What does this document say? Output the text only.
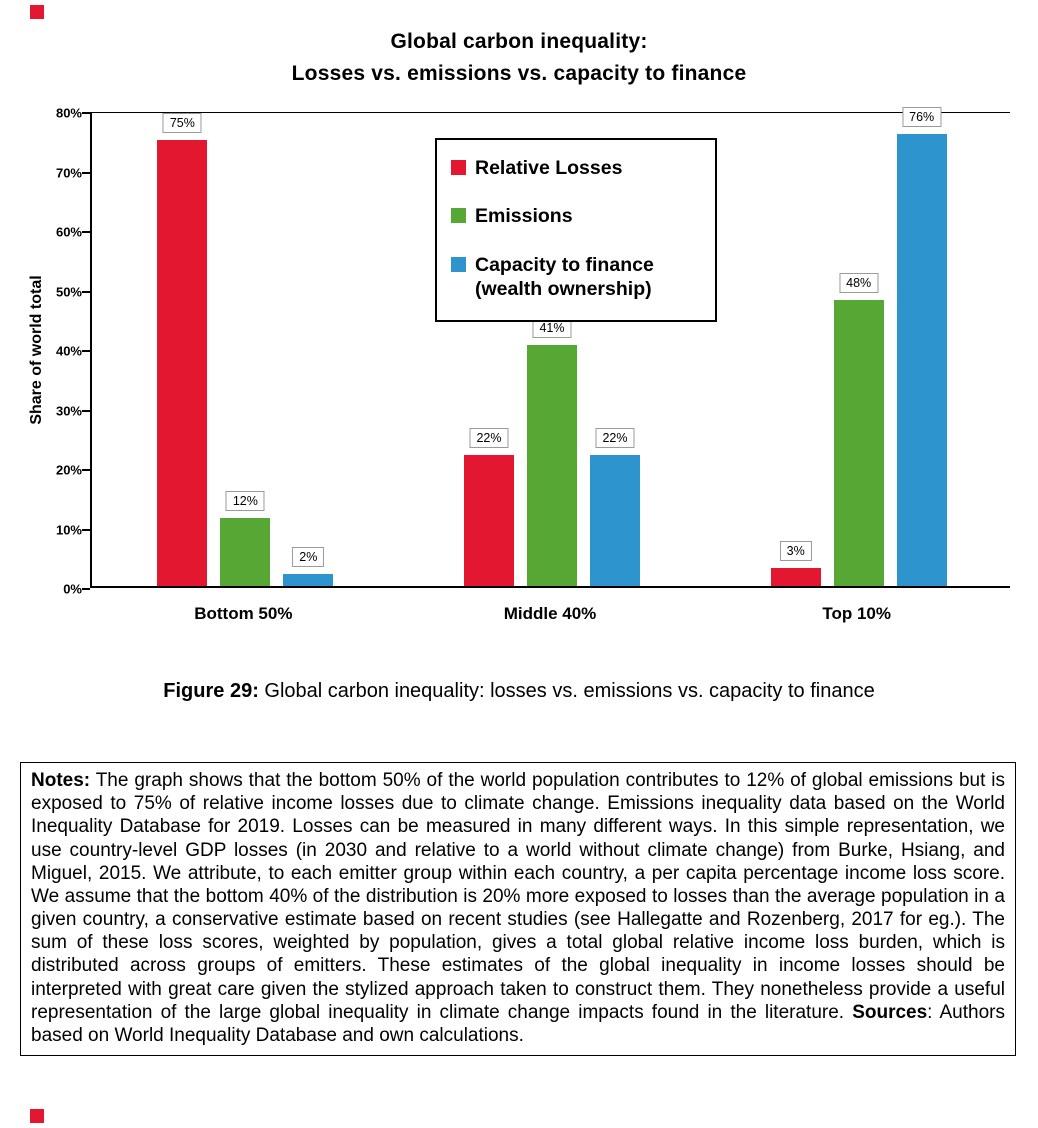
Global carbon inequality:
Losses vs. emissions vs. capacity to finance
Share of world total
75%
12%
2%
22%
41%
22%
3%
48%
76%
0%
10%
20%
30%
40%
50%
60%
70%
80%
Bottom 50%	Middle 40%	Top 10%
Relative Losses
Emissions
Capacity to finance
(wealth ownership)
Figure 29: Global carbon inequality: losses vs. emissions vs. capacity to finance
Notes: The graph shows that the bottom 50% of the world population contributes to 12% of global emissions but is exposed to 75% of relative income losses due to climate change. Emissions inequality data based on the World Inequality Database for 2019. Losses can be measured in many different ways. In this simple representation, we use country-level GDP losses (in 2030 and relative to a world without climate change) from Burke, Hsiang, and Miguel, 2015. We attribute, to each emitter group within each country, a per capita percentage income loss score. We assume that the bottom 40% of the distribution is 20% more exposed to losses than the average population in a given country, a conservative estimate based on recent studies (see Hallegatte and Rozenberg, 2017 for eg.). The sum of these loss scores, weighted by population, gives a total global relative income loss burden, which is distributed across groups of emitters. These estimates of the global inequality in income losses should be interpreted with great care given the stylized approach taken to construct them. They nonetheless provide a useful representation of the large global inequality in climate change impacts found in the literature. Sources: Authors based on World Inequality Database and own calculations.
